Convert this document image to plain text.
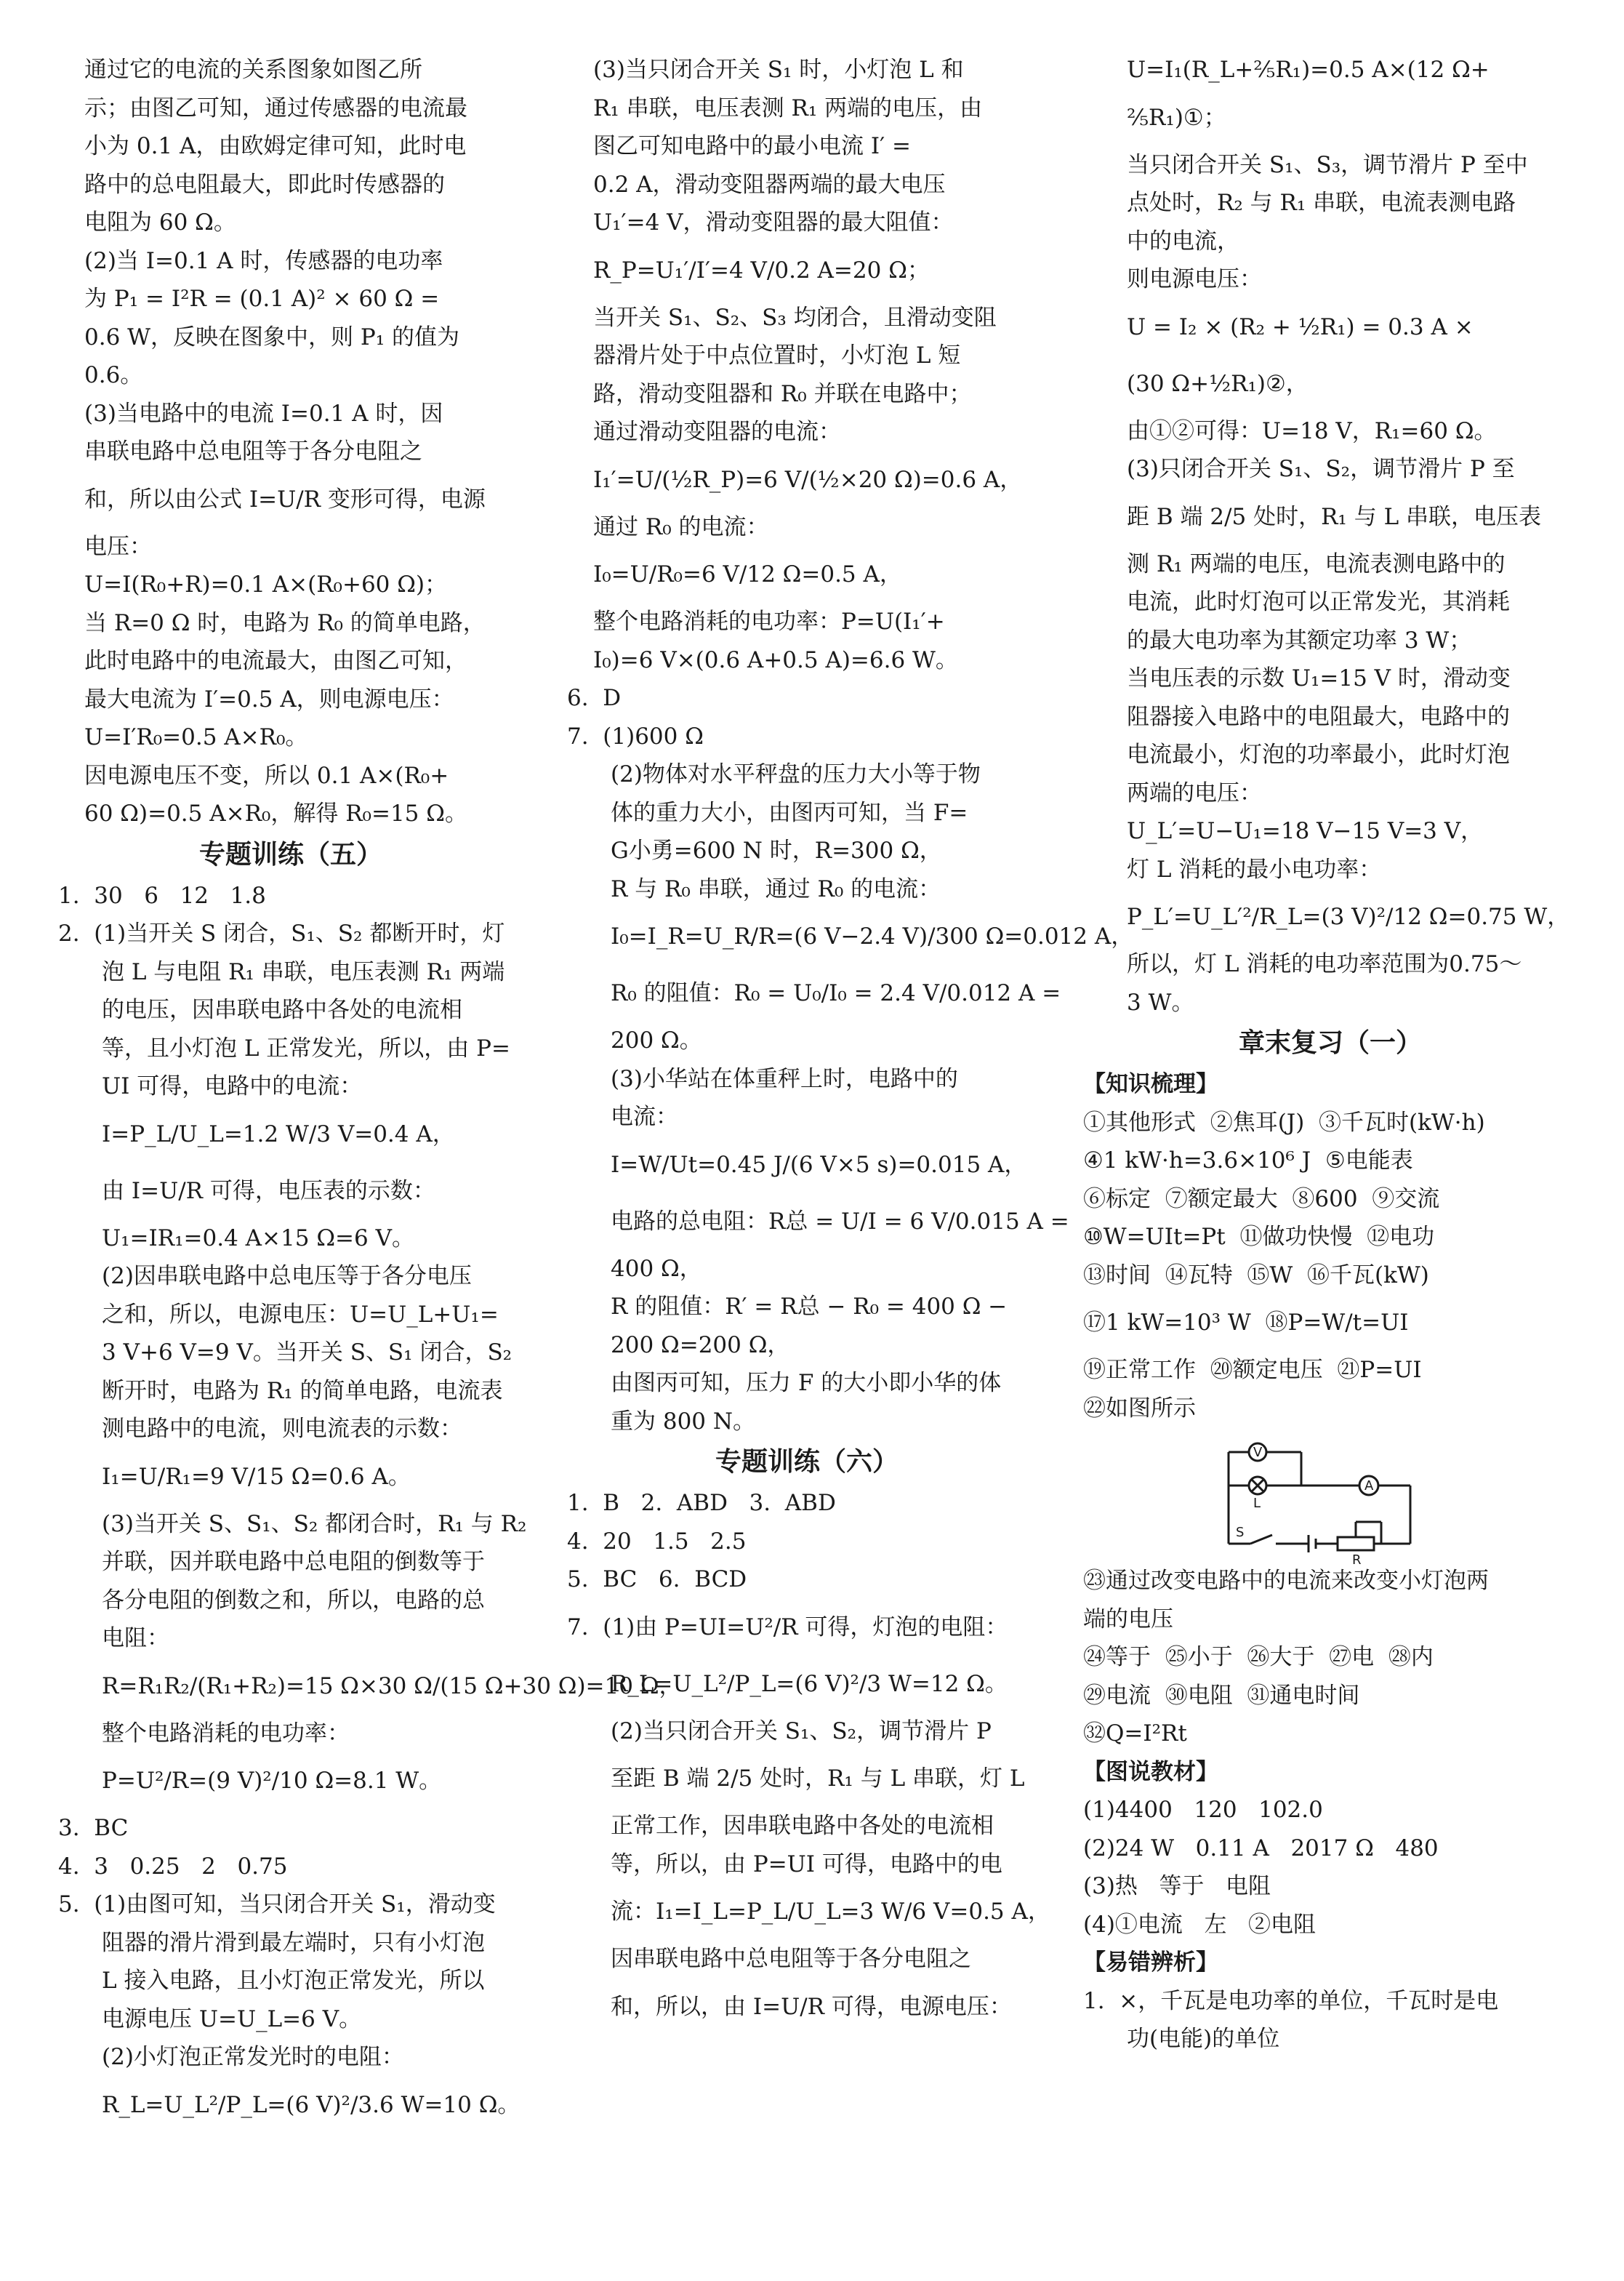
通过它的电流的关系图象如图乙所
示；由图乙可知，通过传感器的电流最
小为 0.1 A，由欧姆定律可知，此时电
路中的总电阻最大，即此时传感器的
电阻为 60 Ω。
(2)当 I=0.1 A 时，传感器的电功率
为 P₁ = I²R = (0.1 A)² × 60 Ω =
0.6 W，反映在图象中，则 P₁ 的值为
0.6。
(3)当电路中的电流 I=0.1 A 时，因
串联电路中总电阻等于各分电阻之
和，所以由公式 I=U/R 变形可得，电源
电压：
U=I(R₀+R)=0.1 A×(R₀+60 Ω)；
当 R=0 Ω 时，电路为 R₀ 的简单电路，
此时电路中的电流最大，由图乙可知，
最大电流为 I′=0.5 A，则电源电压：
U=I′R₀=0.5 A×R₀。
因电源电压不变，所以 0.1 A×(R₀+
60 Ω)=0.5 A×R₀，解得 R₀=15 Ω。
专题训练（五）
1.  30   6   12   1.8
2.  (1)当开关 S 闭合，S₁、S₂ 都断开时，灯
泡 L 与电阻 R₁ 串联，电压表测 R₁ 两端
的电压，因串联电路中各处的电流相
等，且小灯泡 L 正常发光，所以，由 P=
UI 可得，电路中的电流：
I=P_L/U_L=1.2 W/3 V=0.4 A，
由 I=U/R 可得，电压表的示数：
U₁=IR₁=0.4 A×15 Ω=6 V。
(2)因串联电路中总电压等于各分电压
之和，所以，电源电压：U=U_L+U₁=
3 V+6 V=9 V。当开关 S、S₁ 闭合，S₂
断开时，电路为 R₁ 的简单电路，电流表
测电路中的电流，则电流表的示数：
I₁=U/R₁=9 V/15 Ω=0.6 A。
(3)当开关 S、S₁、S₂ 都闭合时，R₁ 与 R₂
并联，因并联电路中总电阻的倒数等于
各分电阻的倒数之和，所以，电路的总
电阻：
R=R₁R₂/(R₁+R₂)=15 Ω×30 Ω/(15 Ω+30 Ω)=10 Ω，
整个电路消耗的电功率：
P=U²/R=(9 V)²/10 Ω=8.1 W。
3.  BC
4.  3   0.25   2   0.75
5.  (1)由图可知，当只闭合开关 S₁，滑动变
阻器的滑片滑到最左端时，只有小灯泡
L 接入电路，且小灯泡正常发光，所以
电源电压 U=U_L=6 V。
(2)小灯泡正常发光时的电阻：
R_L=U_L²/P_L=(6 V)²/3.6 W=10 Ω。
(3)当只闭合开关 S₁ 时，小灯泡 L 和
R₁ 串联，电压表测 R₁ 两端的电压，由
图乙可知电路中的最小电流 I′ =
0.2 A，滑动变阻器两端的最大电压
U₁′=4 V，滑动变阻器的最大阻值：
R_P=U₁′/I′=4 V/0.2 A=20 Ω；
当开关 S₁、S₂、S₃ 均闭合，且滑动变阻
器滑片处于中点位置时，小灯泡 L 短
路，滑动变阻器和 R₀ 并联在电路中；
通过滑动变阻器的电流：
I₁′=U/(½R_P)=6 V/(½×20 Ω)=0.6 A，
通过 R₀ 的电流：
I₀=U/R₀=6 V/12 Ω=0.5 A，
整个电路消耗的电功率：P=U(I₁′+
I₀)=6 V×(0.6 A+0.5 A)=6.6 W。
6.  D
7.  (1)600 Ω
(2)物体对水平秤盘的压力大小等于物
体的重力大小，由图丙可知，当 F=
G小勇=600 N 时，R=300 Ω，
R 与 R₀ 串联，通过 R₀ 的电流：
I₀=I_R=U_R/R=(6 V−2.4 V)/300 Ω=0.012 A，
R₀ 的阻值：R₀ = U₀/I₀ = 2.4 V/0.012 A =
200 Ω。
(3)小华站在体重秤上时，电路中的
电流：
I=W/Ut=0.45 J/(6 V×5 s)=0.015 A，
电路的总电阻：R总 = U/I = 6 V/0.015 A =
400 Ω，
R 的阻值：R′ = R总 − R₀ = 400 Ω −
200 Ω=200 Ω，
由图丙可知，压力 F 的大小即小华的体
重为 800 N。
专题训练（六）
1.  B   2.  ABD   3.  ABD
4.  20   1.5   2.5
5.  BC   6.  BCD
7.  (1)由 P=UI=U²/R 可得，灯泡的电阻：
R_L=U_L²/P_L=(6 V)²/3 W=12 Ω。
(2)当只闭合开关 S₁、S₂，调节滑片 P
至距 B 端 2/5 处时，R₁ 与 L 串联，灯 L
正常工作，因串联电路中各处的电流相
等，所以，由 P=UI 可得，电路中的电
流：I₁=I_L=P_L/U_L=3 W/6 V=0.5 A，
因串联电路中总电阻等于各分电阻之
和，所以，由 I=U/R 可得，电源电压：
U=I₁(R_L+⅖R₁)=0.5 A×(12 Ω+
⅖R₁)①；
当只闭合开关 S₁、S₃，调节滑片 P 至中
点处时，R₂ 与 R₁ 串联，电流表测电路
中的电流，
则电源电压：
U = I₂ × (R₂ + ½R₁) = 0.3 A ×
(30 Ω+½R₁)②，
由①②可得：U=18 V，R₁=60 Ω。
(3)只闭合开关 S₁、S₂，调节滑片 P 至
距 B 端 2/5 处时，R₁ 与 L 串联，电压表
测 R₁ 两端的电压，电流表测电路中的
电流，此时灯泡可以正常发光，其消耗
的最大电功率为其额定功率 3 W；
当电压表的示数 U₁=15 V 时，滑动变
阻器接入电路中的电阻最大，电路中的
电流最小，灯泡的功率最小，此时灯泡
两端的电压：
U_L′=U−U₁=18 V−15 V=3 V，
灯 L 消耗的最小电功率：
P_L′=U_L′²/R_L=(3 V)²/12 Ω=0.75 W，
所以，灯 L 消耗的电功率范围为0.75～
3 W。
章末复习（一）
【知识梳理】
①其他形式  ②焦耳(J)  ③千瓦时(kW·h)
④1 kW·h=3.6×10⁶ J  ⑤电能表
⑥标定  ⑦额定最大  ⑧600  ⑨交流
⑩W=UIt=Pt  ⑪做功快慢  ⑫电功
⑬时间  ⑭瓦特  ⑮W  ⑯千瓦(kW)
⑰1 kW=10³ W  ⑱P=W/t=UI
⑲正常工作  ⑳额定电压  ㉑P=UI
㉒如图所示
V
A
L
S
R
㉓通过改变电路中的电流来改变小灯泡两
端的电压
㉔等于  ㉕小于  ㉖大于  ㉗电  ㉘内
㉙电流  ㉚电阻  ㉛通电时间
㉜Q=I²Rt
【图说教材】
(1)4400   120   102.0
(2)24 W   0.11 A   2017 Ω   480
(3)热   等于   电阻
(4)①电流   左   ②电阻
【易错辨析】
1.  ×，千瓦是电功率的单位，千瓦时是电
功(电能)的单位
